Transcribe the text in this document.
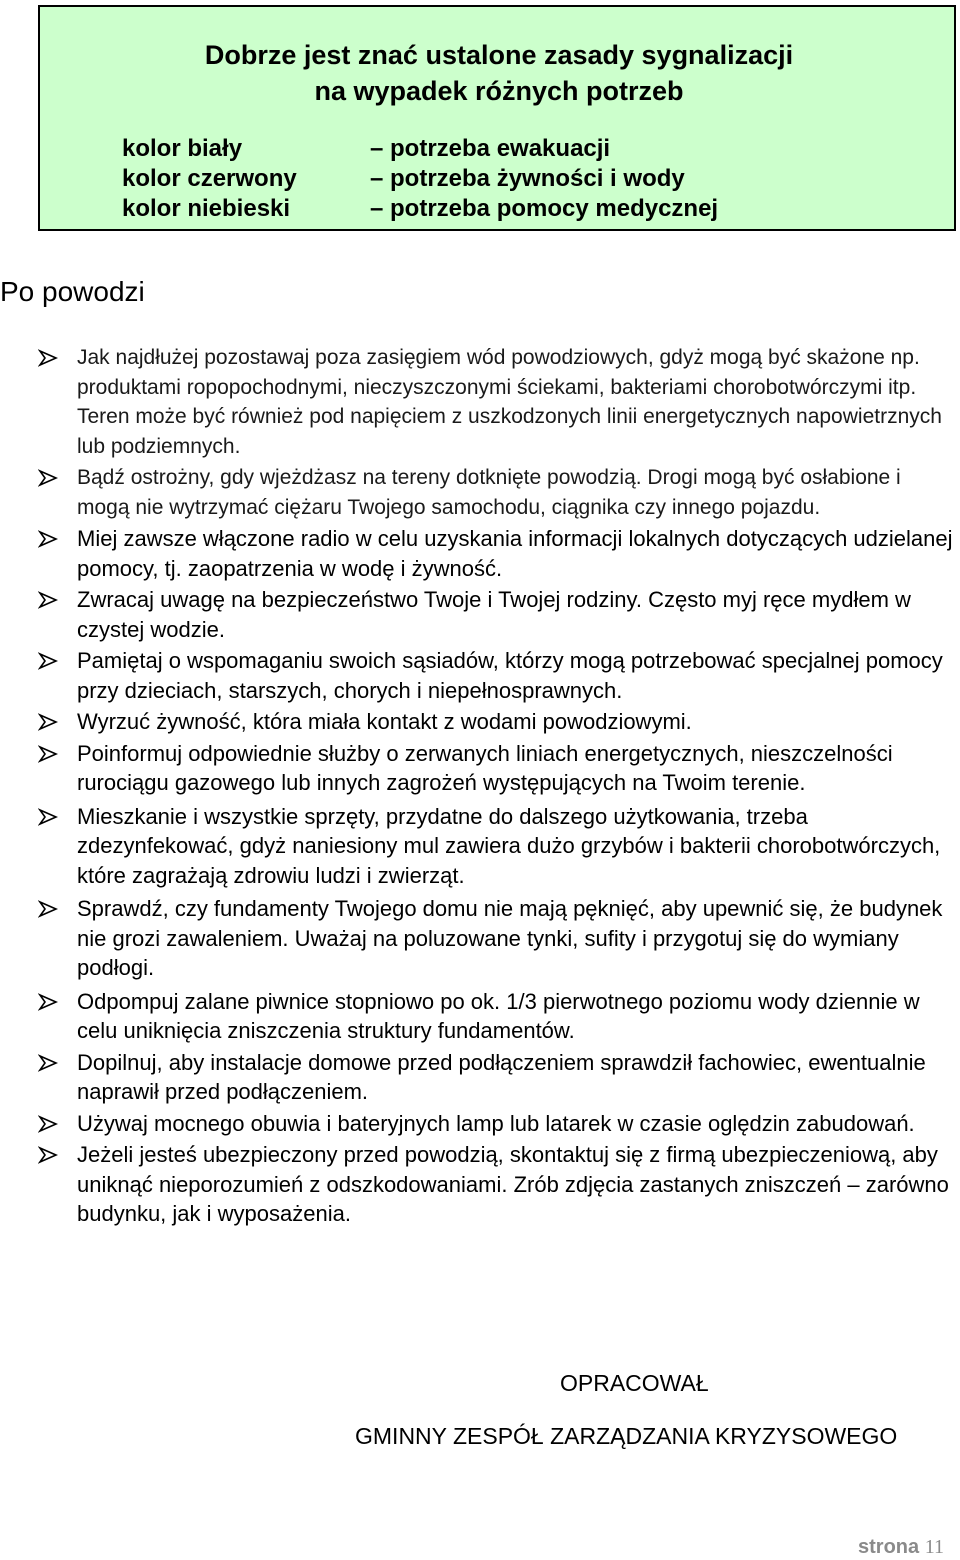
Dobrze jest znać ustalone zasady sygnalizacji
na wypadek różnych potrzeb
kolor biały	– potrzeba ewakuacji
kolor czerwony	– potrzeba żywności i wody
kolor niebieski	– potrzeba pomocy medycznej
Po powodzi
Jak najdłużej pozostawaj poza zasięgiem wód powodziowych, gdyż mogą być skażone np. produktami ropopochodnymi, nieczyszczonymi ściekami, bakteriami chorobotwórczymi itp. Teren może być również pod napięciem z uszkodzonych linii energetycznych napowietrznych lub podziemnych.
Bądź ostrożny, gdy wjeżdżasz na tereny dotknięte powodzią. Drogi mogą być osłabione i mogą nie wytrzymać ciężaru Twojego samochodu, ciągnika czy innego pojazdu.
Miej zawsze włączone radio w celu uzyskania informacji lokalnych dotyczących udzielanej pomocy, tj. zaopatrzenia w wodę i żywność.
Zwracaj uwagę na bezpieczeństwo Twoje i Twojej rodziny. Często myj ręce mydłem w czystej wodzie.
Pamiętaj o wspomaganiu swoich sąsiadów, którzy mogą potrzebować specjalnej pomocy przy dzieciach, starszych, chorych i niepełnosprawnych.
Wyrzuć żywność, która miała kontakt z wodami powodziowymi.
Poinformuj odpowiednie służby o zerwanych liniach energetycznych, nieszczelności rurociągu gazowego lub innych zagrożeń występujących na Twoim terenie.
Mieszkanie i wszystkie sprzęty, przydatne do dalszego użytkowania, trzeba zdezynfekować, gdyż naniesiony mul zawiera dużo grzybów i bakterii chorobotwórczych, które zagrażają zdrowiu ludzi i zwierząt.
Sprawdź, czy fundamenty Twojego domu nie mają pęknięć, aby upewnić się, że budynek nie grozi zawaleniem. Uważaj na poluzowane tynki, sufity i przygotuj się do wymiany podłogi.
Odpompuj zalane piwnice stopniowo po ok. 1/3 pierwotnego poziomu wody dziennie w celu uniknięcia zniszczenia struktury fundamentów.
Dopilnuj, aby instalacje domowe przed podłączeniem sprawdził fachowiec, ewentualnie naprawił przed podłączeniem.
Używaj mocnego obuwia i bateryjnych lamp lub latarek w czasie oględzin zabudowań.
Jeżeli jesteś ubezpieczony przed powodzią, skontaktuj się z firmą ubezpieczeniową, aby uniknąć nieporozumień z odszkodowaniami. Zrób zdjęcia zastanych zniszczeń – zarówno budynku, jak i wyposażenia.
OPRACOWAŁ
GMINNY ZESPÓŁ ZARZĄDZANIA KRYZYSOWEGO
strona 11
